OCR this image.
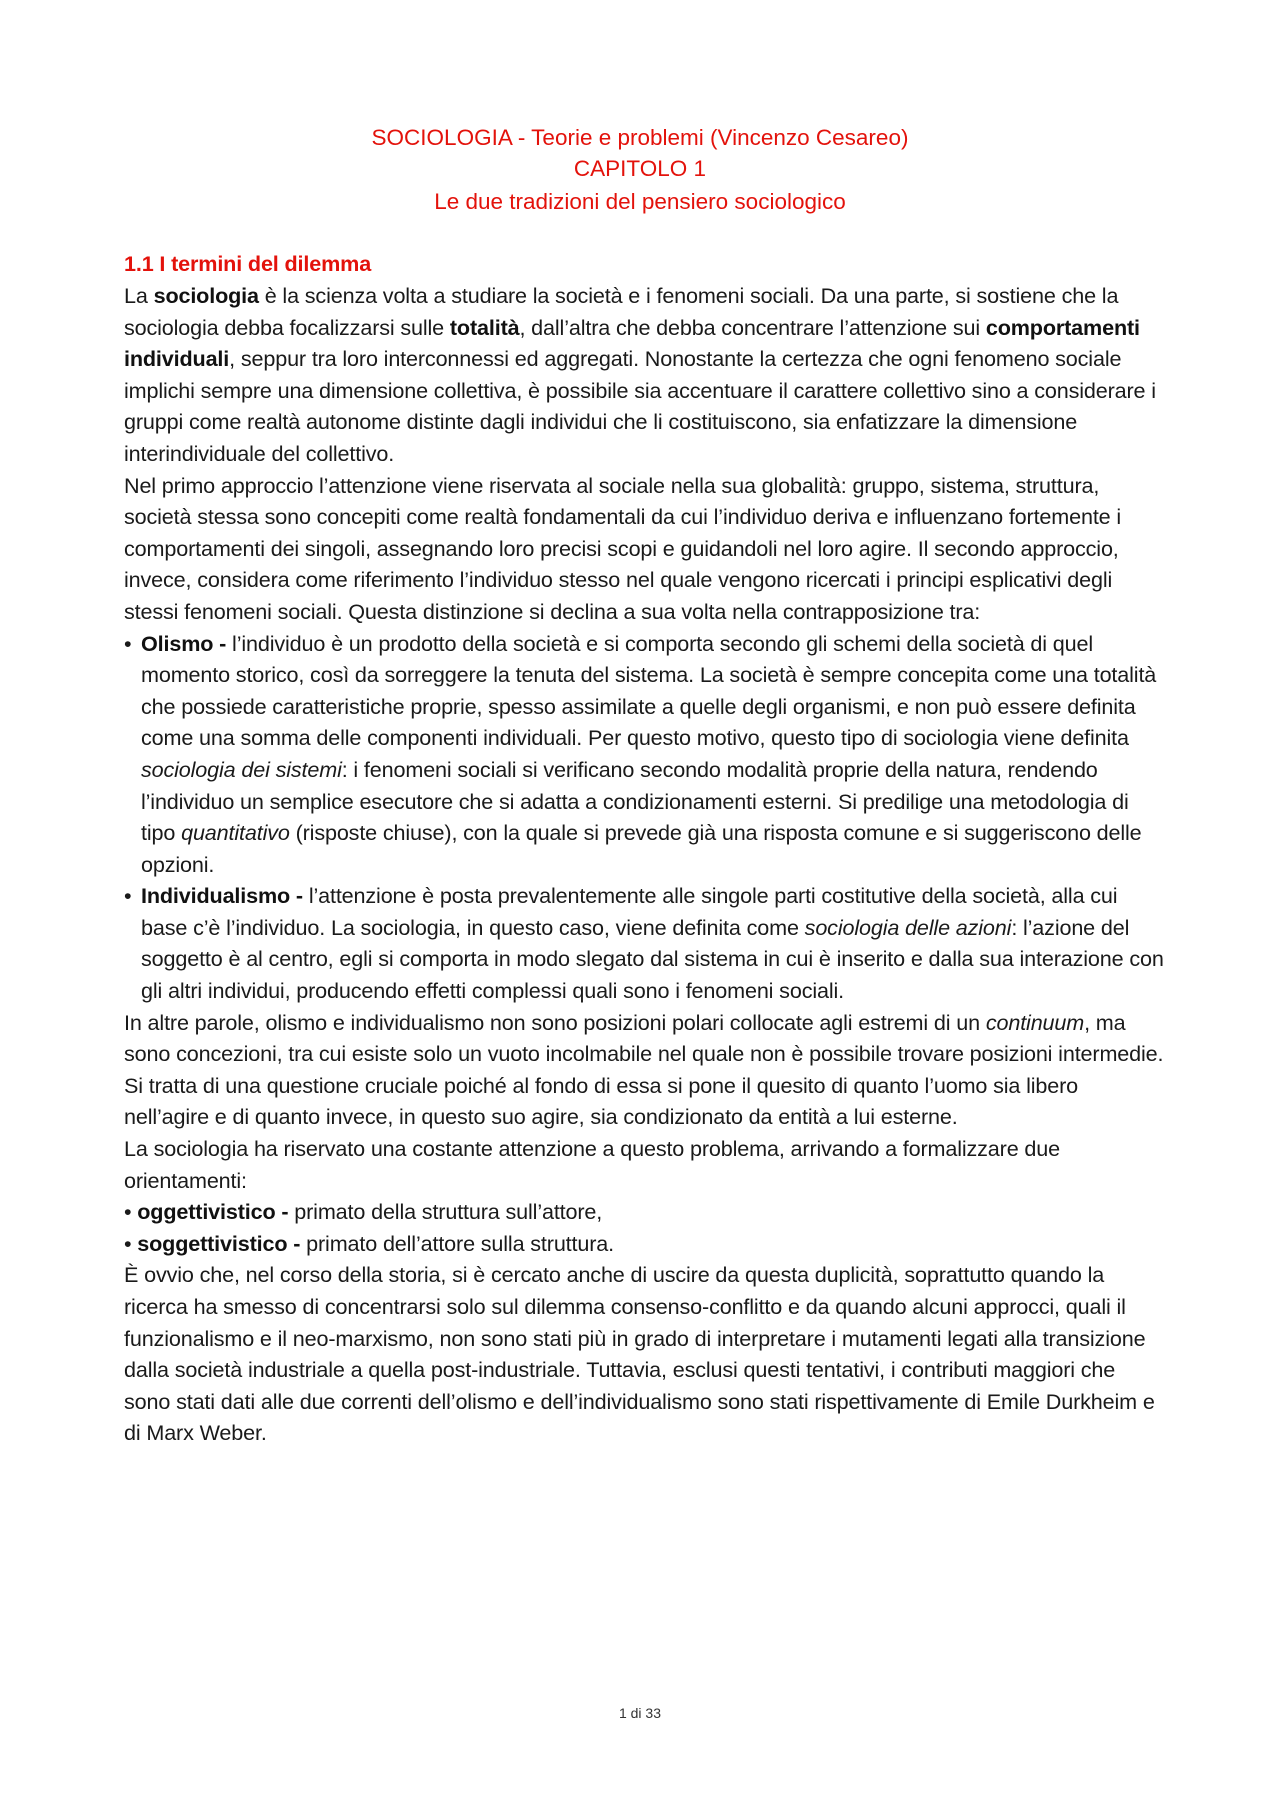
SOCIOLOGIA - Teorie e problemi (Vincenzo Cesareo)
CAPITOLO 1
Le due tradizioni del pensiero sociologico
1.1 I termini del dilemma

La sociologia è la scienza volta a studiare la società e i fenomeni sociali. Da una parte, si sostiene che la sociologia debba focalizzarsi sulle totalità, dall’altra che debba concentrare l’attenzione sui comportamenti individuali, seppur tra loro interconnessi ed aggregati. Nonostante la certezza che ogni fenomeno sociale implichi sempre una dimensione collettiva, è possibile sia accentuare il carattere collettivo sino a considerare i gruppi come realtà autonome distinte dagli individui che li costituiscono, sia enfatizzare la dimensione interindividuale del collettivo.

Nel primo approccio l’attenzione viene riservata al sociale nella sua globalità: gruppo, sistema, struttura, società stessa sono concepiti come realtà fondamentali da cui l’individuo deriva e influenzano fortemente i comportamenti dei singoli, assegnando loro precisi scopi e guidandoli nel loro agire. Il secondo approccio, invece, considera come riferimento l’individuo stesso nel quale vengono ricercati i principi esplicativi degli stessi fenomeni sociali. Questa distinzione si declina a sua volta nella contrapposizione tra:

• Olismo - l’individuo è un prodotto della società e si comporta secondo gli schemi della società di quel momento storico, così da sorreggere la tenuta del sistema. La società è sempre concepita come una totalità che possiede caratteristiche proprie, spesso assimilate a quelle degli organismi, e non può essere definita come una somma delle componenti individuali. Per questo motivo, questo tipo di sociologia viene definita sociologia dei sistemi: i fenomeni sociali si verificano secondo modalità proprie della natura, rendendo l’individuo un semplice esecutore che si adatta a condizionamenti esterni. Si predilige una metodologia di tipo quantitativo (risposte chiuse), con la quale si prevede già una risposta comune e si suggeriscono delle opzioni.
• Individualismo - l’attenzione è posta prevalentemente alle singole parti costitutive della società, alla cui base c’è l’individuo. La sociologia, in questo caso, viene definita come sociologia delle azioni: l’azione del soggetto è al centro, egli si comporta in modo slegato dal sistema in cui è inserito e dalla sua interazione con gli altri individui, producendo effetti complessi quali sono i fenomeni sociali.

In altre parole, olismo e individualismo non sono posizioni polari collocate agli estremi di un continuum, ma sono concezioni, tra cui esiste solo un vuoto incolmabile nel quale non è possibile trovare posizioni intermedie. Si tratta di una questione cruciale poiché al fondo di essa si pone il quesito di quanto l’uomo sia libero nell’agire e di quanto invece, in questo suo agire, sia condizionato da entità a lui esterne.

La sociologia ha riservato una costante attenzione a questo problema, arrivando a formalizzare due orientamenti:

• oggettivistico - primato della struttura sull’attore,
• soggettivistico - primato dell’attore sulla struttura.

È ovvio che, nel corso della storia, si è cercato anche di uscire da questa duplicità, soprattutto quando la ricerca ha smesso di concentrarsi solo sul dilemma consenso-conflitto e da quando alcuni approcci, quali il funzionalismo e il neo-marxismo, non sono stati più in grado di interpretare i mutamenti legati alla transizione dalla società industriale a quella post-industriale. Tuttavia, esclusi questi tentativi, i contributi maggiori che sono stati dati alle due correnti dell’olismo e dell’individualismo sono stati rispettivamente di Emile Durkheim e di Marx Weber.

1 di 33
